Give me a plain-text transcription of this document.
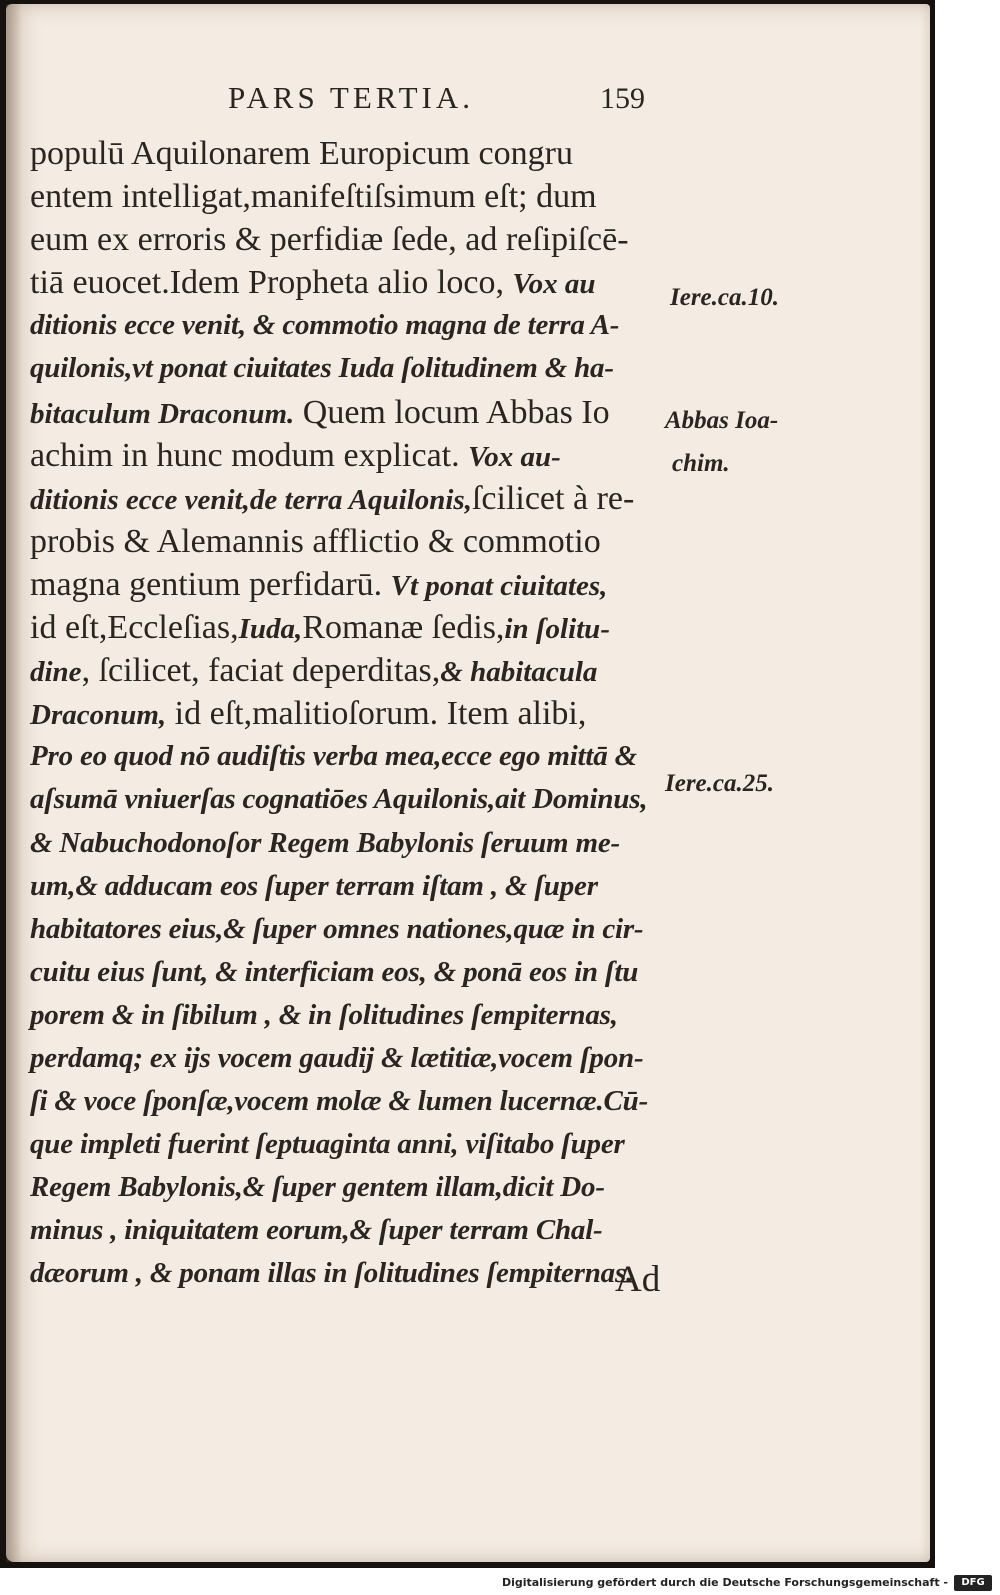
PARS TERTIA.	159
populū Aquilonarem Europicum congru
entem intelligat,manifeſtiſsimum eſt; dum
eum ex erroris & perfidiæ ſede, ad reſipiſcē-
tiā euocet.Idem Propheta alio loco, Vox au
ditionis ecce venit, & commotio magna de terra A-
quilonis,vt ponat ciuitates Iuda ſolitudinem & ha-
bitaculum Draconum. Quem locum Abbas Io
achim in hunc modum explicat. Vox au-
ditionis ecce venit,de terra Aquilonis,ſcilicet à re-
probis & Alemannis afflictio & commotio
magna gentium perfidarū. Vt ponat ciuitates,
id eſt,Eccleſias,Iuda,Romanæ ſedis,in ſolitu-
dine, ſcilicet, faciat deperditas,& habitacula
Draconum, id eſt,malitioſorum. Item alibi,
Pro eo quod nō audiſtis verba mea,ecce ego mittā &
aſsumā vniuerſas cognatiōes Aquilonis,ait Dominus,
& Nabuchodonoſor Regem Babylonis ſeruum me-
um,& adducam eos ſuper terram iſtam , & ſuper
habitatores eius,& ſuper omnes nationes,quæ in cir-
cuitu eius ſunt, & interficiam eos, & ponā eos in ſtu
porem & in ſibilum , & in ſolitudines ſempiternas,
perdamq; ex ijs vocem gaudij & lætitiæ,vocem ſpon-
ſi & voce ſponſæ,vocem molæ & lumen lucernæ.Cū-
que impleti fuerint ſeptuaginta anni, viſitabo ſuper
Regem Babylonis,& ſuper gentem illam,dicit Do-
minus , iniquitatem eorum,& ſuper terram Chal-
dæorum , & ponam illas in ſolitudines ſempiternas.
Iere.ca.10.
Abbas Ioa-
chim.
Iere.ca.25.
Ad
Digitalisierung gefördert durch die Deutsche Forschungsgemeinschaft -	DFG
